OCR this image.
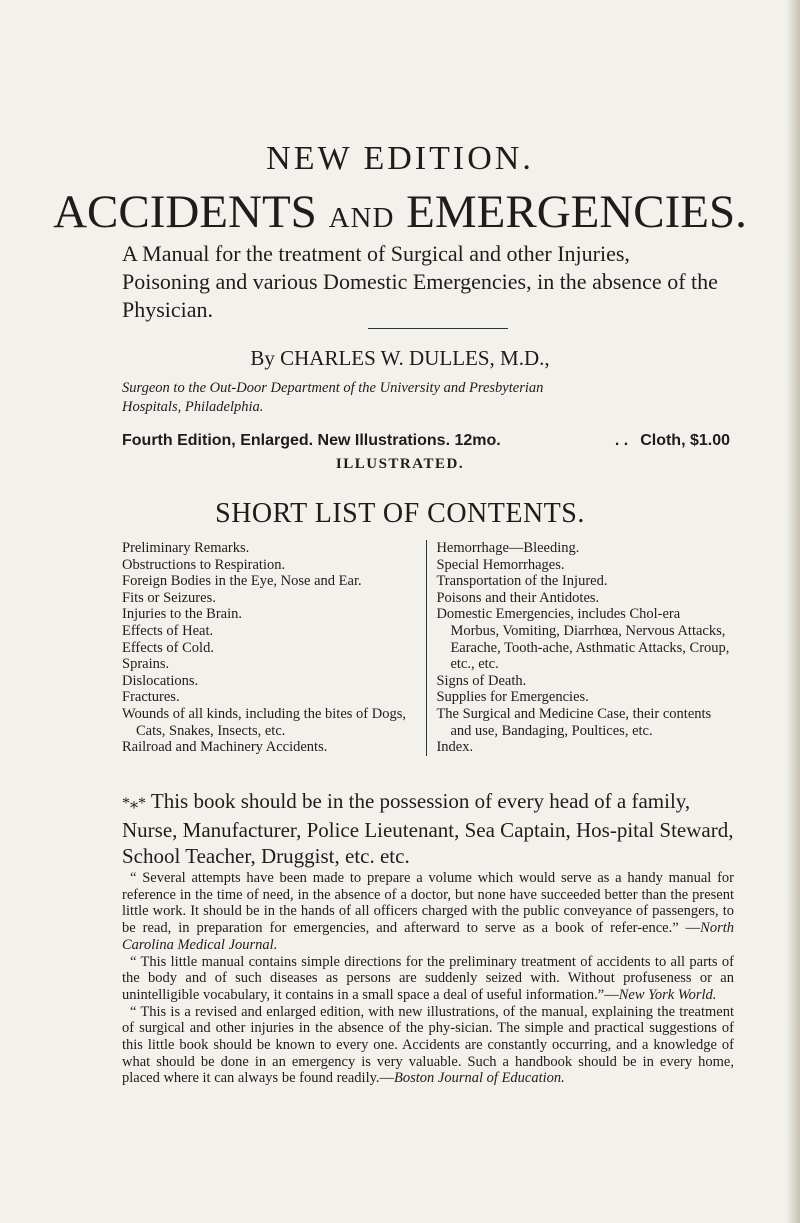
NEW EDITION.
ACCIDENTS AND EMERGENCIES.
A Manual for the treatment of Surgical and other Injuries, Poisoning and various Domestic Emergencies, in the absence of the Physician.
By CHARLES W. DULLES, M.D.,
Surgeon to the Out-Door Department of the University and Presbyterian
Hospitals, Philadelphia.
Fourth Edition, Enlarged. New Illustrations. 12mo.	. . Cloth, $1.00
ILLUSTRATED.
SHORT LIST OF CONTENTS.
Preliminary Remarks.
Obstructions to Respiration.
Foreign Bodies in the Eye, Nose and Ear.
Fits or Seizures.
Injuries to the Brain.
Effects of Heat.
Effects of Cold.
Sprains.
Dislocations.
Fractures.
Wounds of all kinds, including the bites of Dogs, Cats, Snakes, Insects, etc.
Railroad and Machinery Accidents.
Hemorrhage—Bleeding.
Special Hemorrhages.
Transportation of the Injured.
Poisons and their Antidotes.
Domestic Emergencies, includes Chol-era Morbus, Vomiting, Diarrhœa, Nervous Attacks, Earache, Tooth-ache, Asthmatic Attacks, Croup, etc., etc.
Signs of Death.
Supplies for Emergencies.
The Surgical and Medicine Case, their contents and use, Bandaging, Poultices, etc.
Index.
*⁎* This book should be in the possession of every head of a family, Nurse, Manufacturer, Police Lieutenant, Sea Captain, Hos-pital Steward, School Teacher, Druggist, etc. etc.

“ Several attempts have been made to prepare a volume which would serve as a handy manual for reference in the time of need, in the absence of a doctor, but none have succeeded better than the present little work. It should be in the hands of all officers charged with the public conveyance of passengers, to be read, in preparation for emergencies, and afterward to serve as a book of refer-ence.” —North Carolina Medical Journal.

“ This little manual contains simple directions for the preliminary treatment of accidents to all parts of the body and of such diseases as persons are suddenly seized with. Without profuseness or an unintelligible vocabulary, it contains in a small space a deal of useful information.”—New York World.

“ This is a revised and enlarged edition, with new illustrations, of the manual, explaining the treatment of surgical and other injuries in the absence of the phy-sician. The simple and practical suggestions of this little book should be known to every one. Accidents are constantly occurring, and a knowledge of what should be done in an emergency is very valuable. Such a handbook should be in every home, placed where it can always be found readily.—Boston Journal of Education.
